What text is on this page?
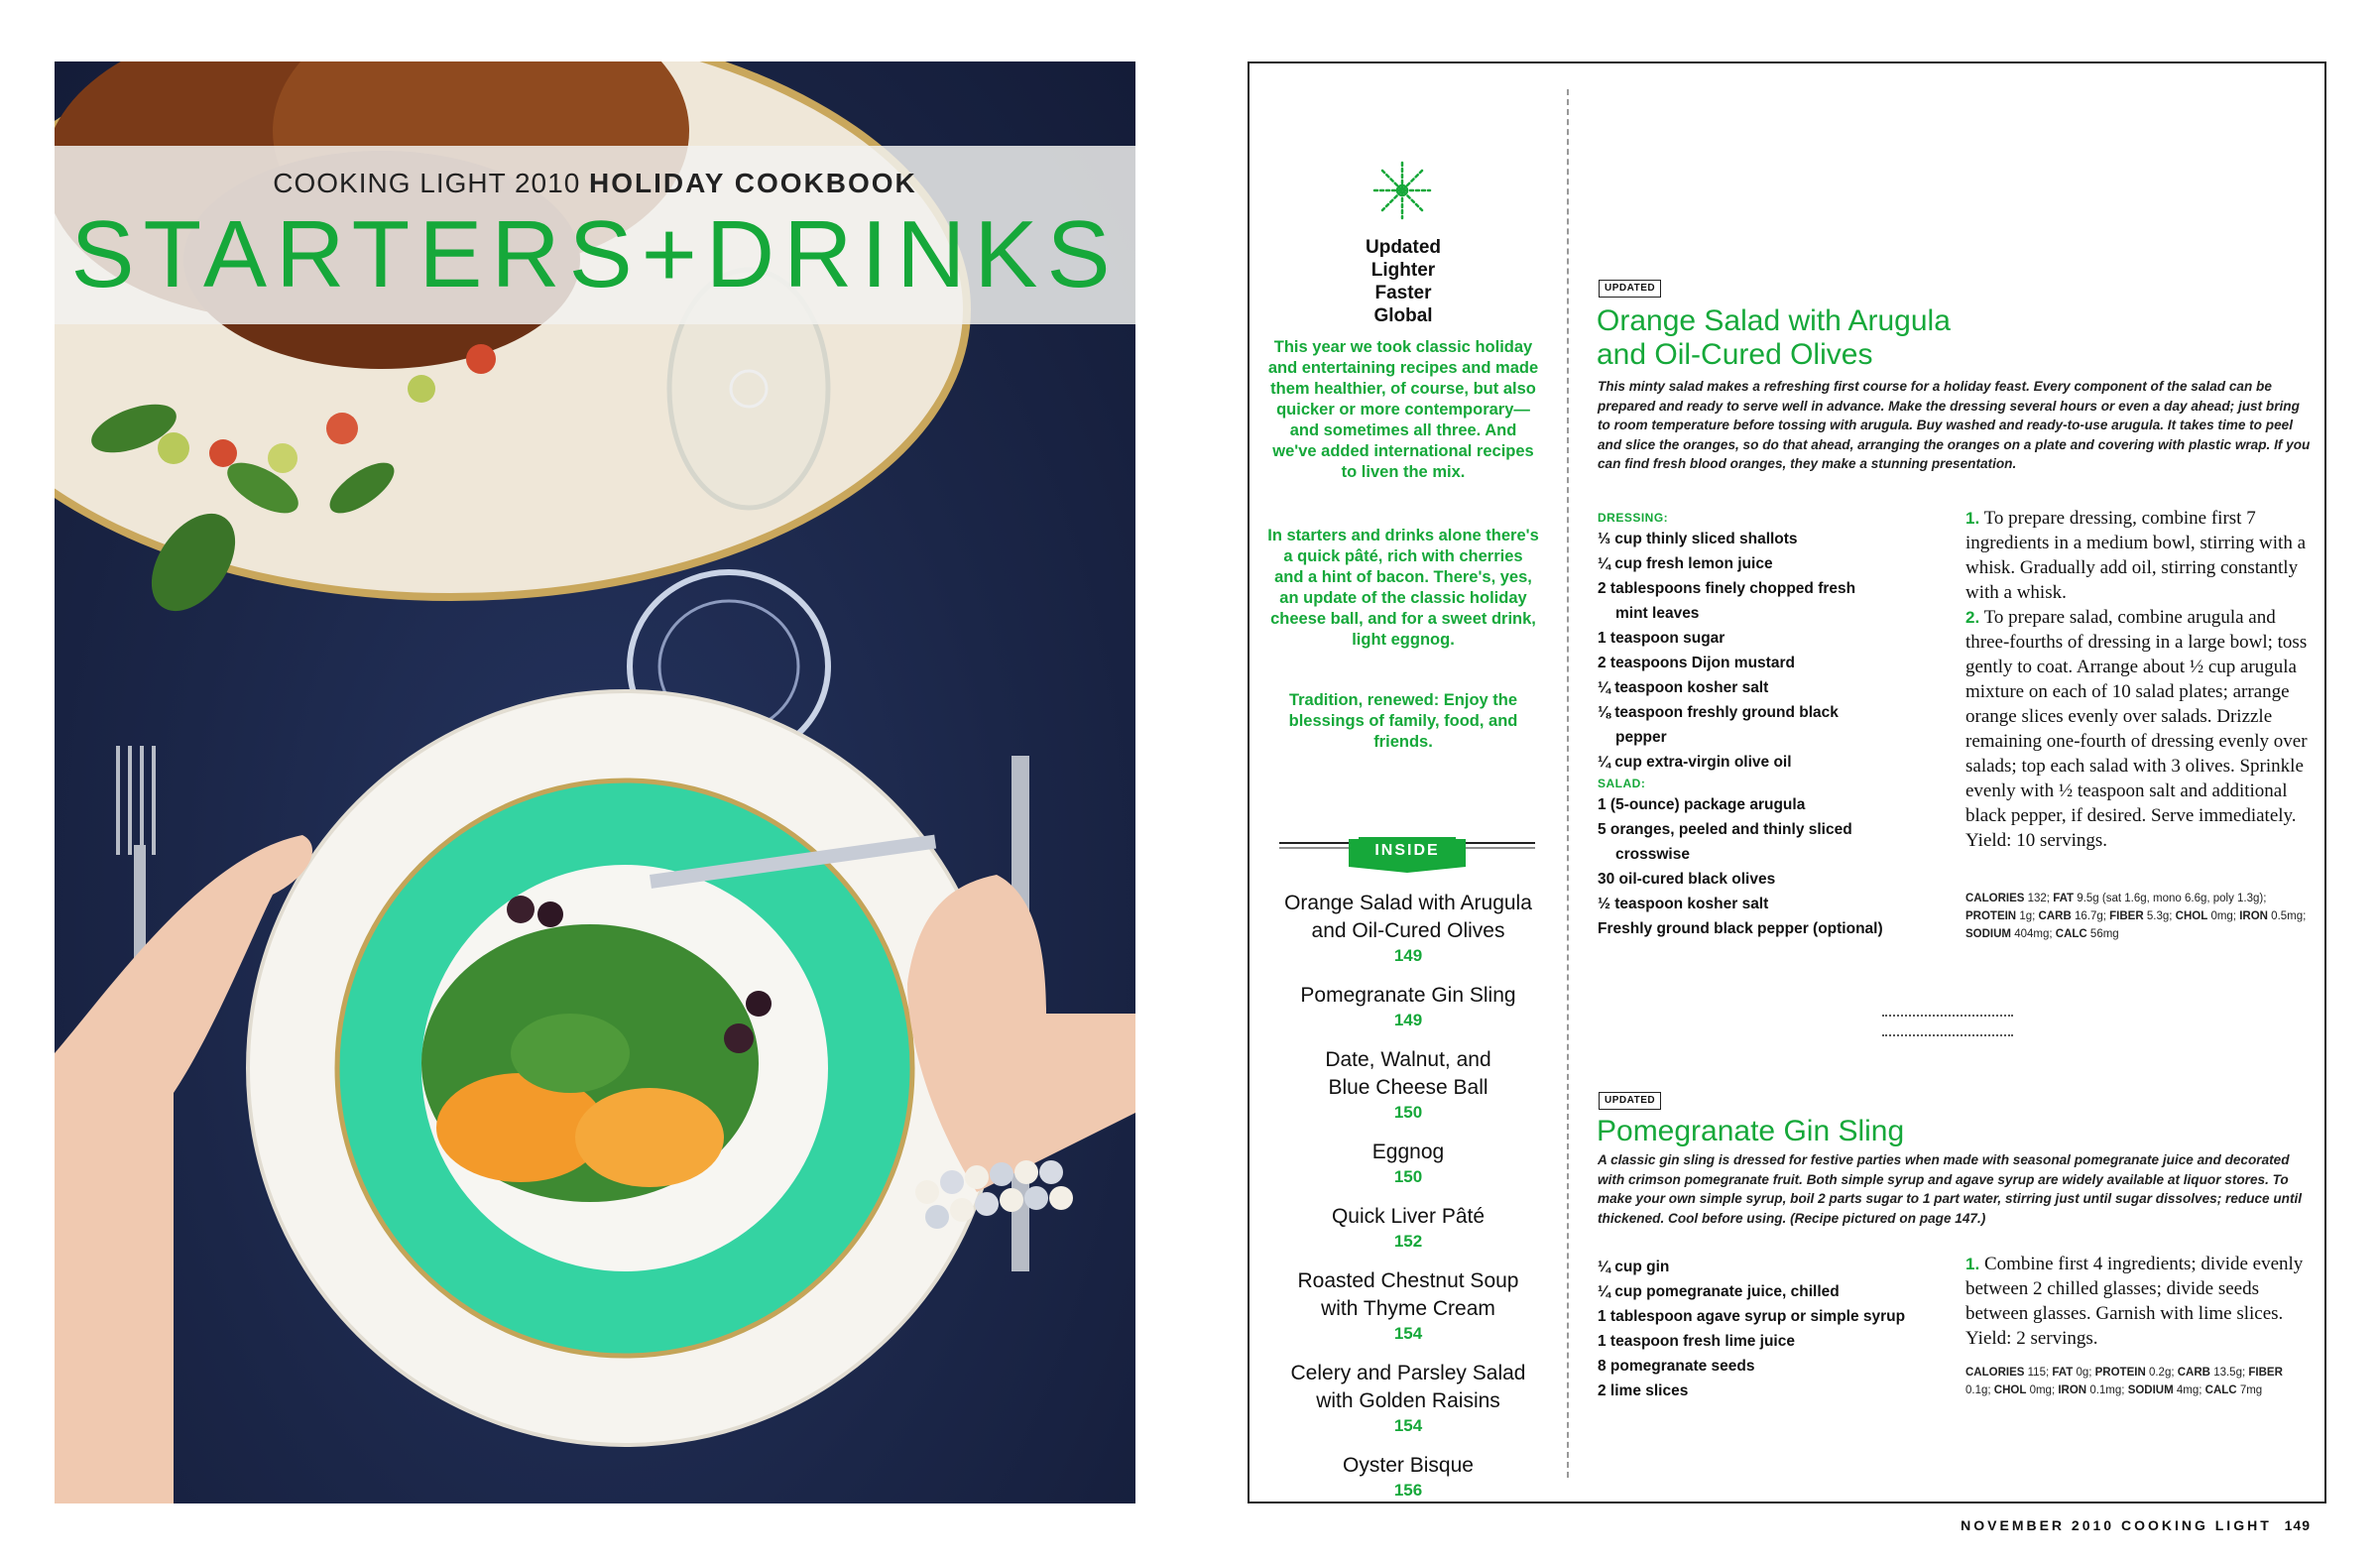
COOKING LIGHT 2010 HOLIDAY COOKBOOK
STARTERS+DRINKS	Updated
Lighter
Faster
Global

This year we took classic holiday and entertaining recipes and made them healthier, of course, but also quicker or more contemporary— and sometimes all three. And we've added international recipes to liven the mix.

In starters and drinks alone there's a quick pâté, rich with cherries and a hint of bacon. There's, yes, an update of the classic holiday cheese ball, and for a sweet drink, light eggnog.

Tradition, renewed: Enjoy the blessings of family, food, and friends.

INSIDE
Orange Salad with Arugula
and Oil-Cured Olives
149
Pomegranate Gin Sling
149
Date, Walnut, and
Blue Cheese Ball
150
Eggnog
150
Quick Liver Pâté
152
Roasted Chestnut Soup
with Thyme Cream
154
Celery and Parsley Salad
with Golden Raisins
154
Oyster Bisque
156
UPDATED
Orange Salad with Arugula
and Oil-Cured Olives

This minty salad makes a refreshing first course for a holiday feast. Every component of the salad can be prepared and ready to serve well in advance. Make the dressing several hours or even a day ahead; just bring to room temperature before tossing with arugula. Buy washed and ready-to-use arugula. It takes time to peel and slice the oranges, so do that ahead, arranging the oranges on a plate and covering with plastic wrap. If you can find fresh blood oranges, they make a stunning presentation.

DRESSING:
⅓ cup thinly sliced shallots
¼ cup fresh lemon juice
2 tablespoons finely chopped fresh
mint leaves
1 teaspoon sugar
2 teaspoons Dijon mustard
¼ teaspoon kosher salt
⅛ teaspoon freshly ground black
pepper
¼ cup extra-virgin olive oil
SALAD:
1 (5-ounce) package arugula
5 oranges, peeled and thinly sliced
crosswise
30 oil-cured black olives
½ teaspoon kosher salt
Freshly ground black pepper (optional)
1. To prepare dressing, combine first 7 ingredients in a medium bowl, stirring with a whisk. Gradually add oil, stirring constantly with a whisk.
2. To prepare salad, combine arugula and three-fourths of dressing in a large bowl; toss gently to coat. Arrange about ½ cup arugula mixture on each of 10 salad plates; arrange orange slices evenly over salads. Drizzle remaining one-fourth of dressing evenly over salads; top each salad with 3 olives. Sprinkle evenly with ½ teaspoon salt and additional black pepper, if desired. Serve immediately. Yield: 10 servings.

CALORIES 132; FAT 9.5g (sat 1.6g, mono 6.6g, poly 1.3g); PROTEIN 1g; CARB 16.7g; FIBER 5.3g; CHOL 0mg; IRON 0.5mg; SODIUM 404mg; CALC 56mg

UPDATED
Pomegranate Gin Sling

A classic gin sling is dressed for festive parties when made with seasonal pomegranate juice and decorated with crimson pomegranate fruit. Both simple syrup and agave syrup are widely available at liquor stores. To make your own simple syrup, boil 2 parts sugar to 1 part water, stirring just until sugar dissolves; reduce until thickened. Cool before using. (Recipe pictured on page 147.)

¼ cup gin
¼ cup pomegranate juice, chilled
1 tablespoon agave syrup or simple syrup
1 teaspoon fresh lime juice
8 pomegranate seeds
2 lime slices
1. Combine first 4 ingredients; divide evenly between 2 chilled glasses; divide seeds between glasses. Garnish with lime slices. Yield: 2 servings.

CALORIES 115; FAT 0g; PROTEIN 0.2g; CARB 13.5g; FIBER 0.1g; CHOL 0mg; IRON 0.1mg; SODIUM 4mg; CALC 7mg

NOVEMBER 2010 COOKING LIGHT 149
